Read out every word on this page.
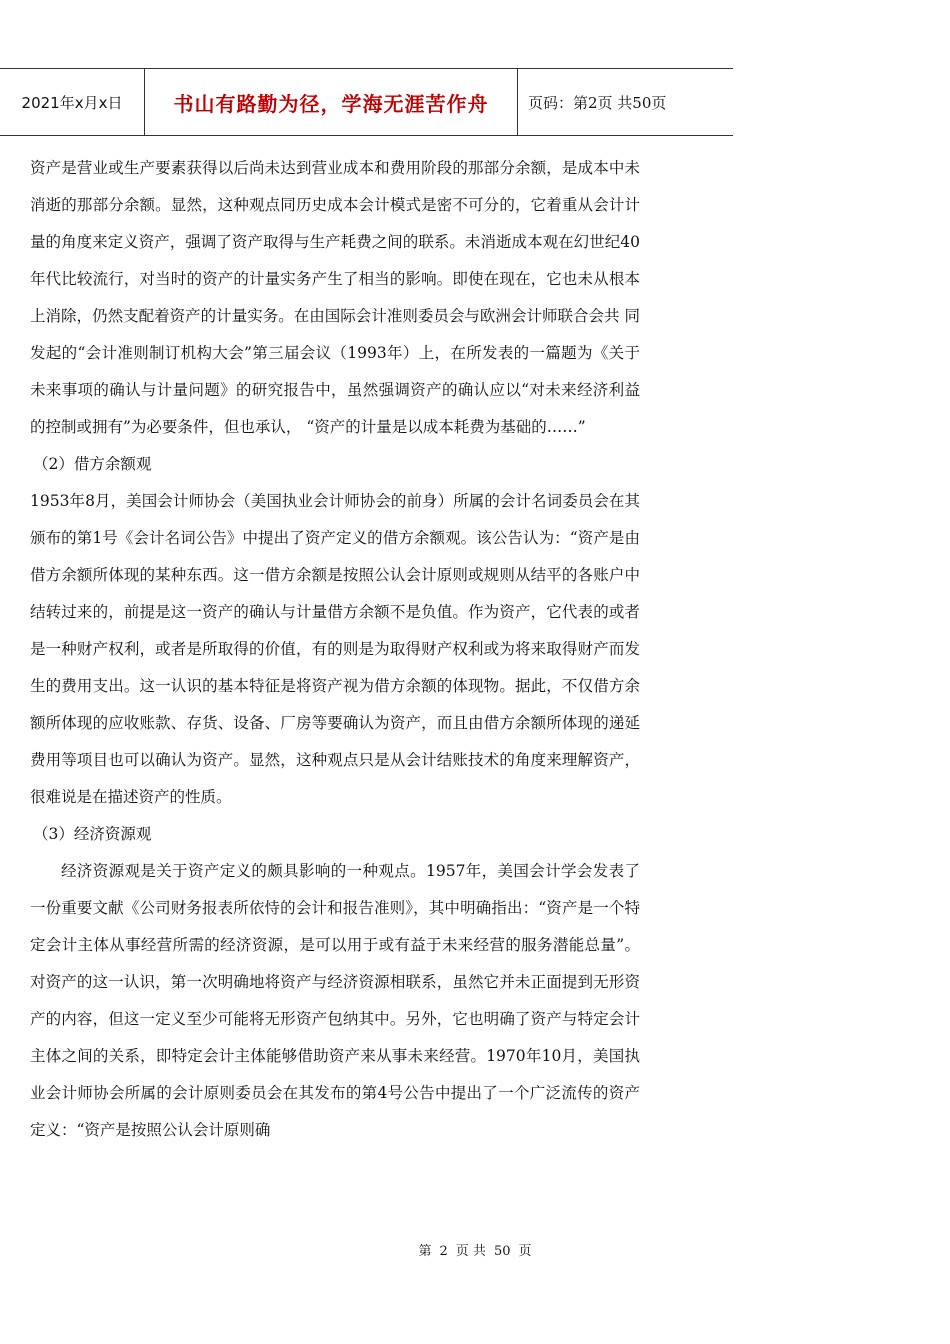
2021年x月x日	书山有路勤为径，学海无涯苦作舟	页码：第2页 共50页

资产是营业或生产要素获得以后尚未达到营业成本和费用阶段的那部分余额，是成本中未消逝的那部分余额。显然，这种观点同历史成本会计模式是密不可分的，它着重从会计计量的角度来定义资产，强调了资产取得与生产耗费之间的联系。未消逝成本观在幻世纪40年代比较流行，对当时的资产的计量实务产生了相当的影响。即使在现在，它也未从根本上消除，仍然支配着资产的计量实务。在由国际会计准则委员会与欧洲会计师联合会共 同发起的“会计准则制订机构大会”第三届会议（1993年）上，在所发表的一篇题为《关于未来事项的确认与计量问题》的研究报告中，虽然强调资产的确认应以“对未来经济利益的控制或拥有”为必要条件，但也承认， “资产的计量是以成本耗费为基础的……”

（2）借方余额观

1953年8月，美国会计师协会（美国执业会计师协会的前身）所属的会计名词委员会在其颁布的第1号《会计名词公告》中提出了资产定义的借方余额观。该公告认为：“资产是由借方余额所体现的某种东西。这一借方余额是按照公认会计原则或规则从结平的各账户中结转过来的，前提是这一资产的确认与计量借方余额不是负值。作为资产，它代表的或者是一种财产权利，或者是所取得的价值，有的则是为取得财产权利或为将来取得财产而发生的费用支出。这一认识的基本特征是将资产视为借方余额的体现物。据此，不仅借方余额所体现的应收账款、存货、设备、厂房等要确认为资产，而且由借方余额所体现的递延费用等项目也可以确认为资产。显然，这种观点只是从会计结账技术的角度来理解资产，很难说是在描述资产的性质。

（3）经济资源观

经济资源观是关于资产定义的颇具影响的一种观点。1957年，美国会计学会发表了一份重要文献《公司财务报表所依恃的会计和报告准则》，其中明确指出：“资产是一个特定会计主体从事经营所需的经济资源，是可以用于或有益于未来经营的服务潜能总量”。对资产的这一认识，第一次明确地将资产与经济资源相联系，虽然它并未正面提到无形资产的内容，但这一定义至少可能将无形资产包纳其中。另外，它也明确了资产与特定会计主体之间的关系，即特定会计主体能够借助资产来从事未来经营。1970年10月，美国执业会计师协会所属的会计原则委员会在其发布的第4号公告中提出了一个广泛流传的资产定义：“资产是按照公认会计原则确

第 2 页 共 50 页
